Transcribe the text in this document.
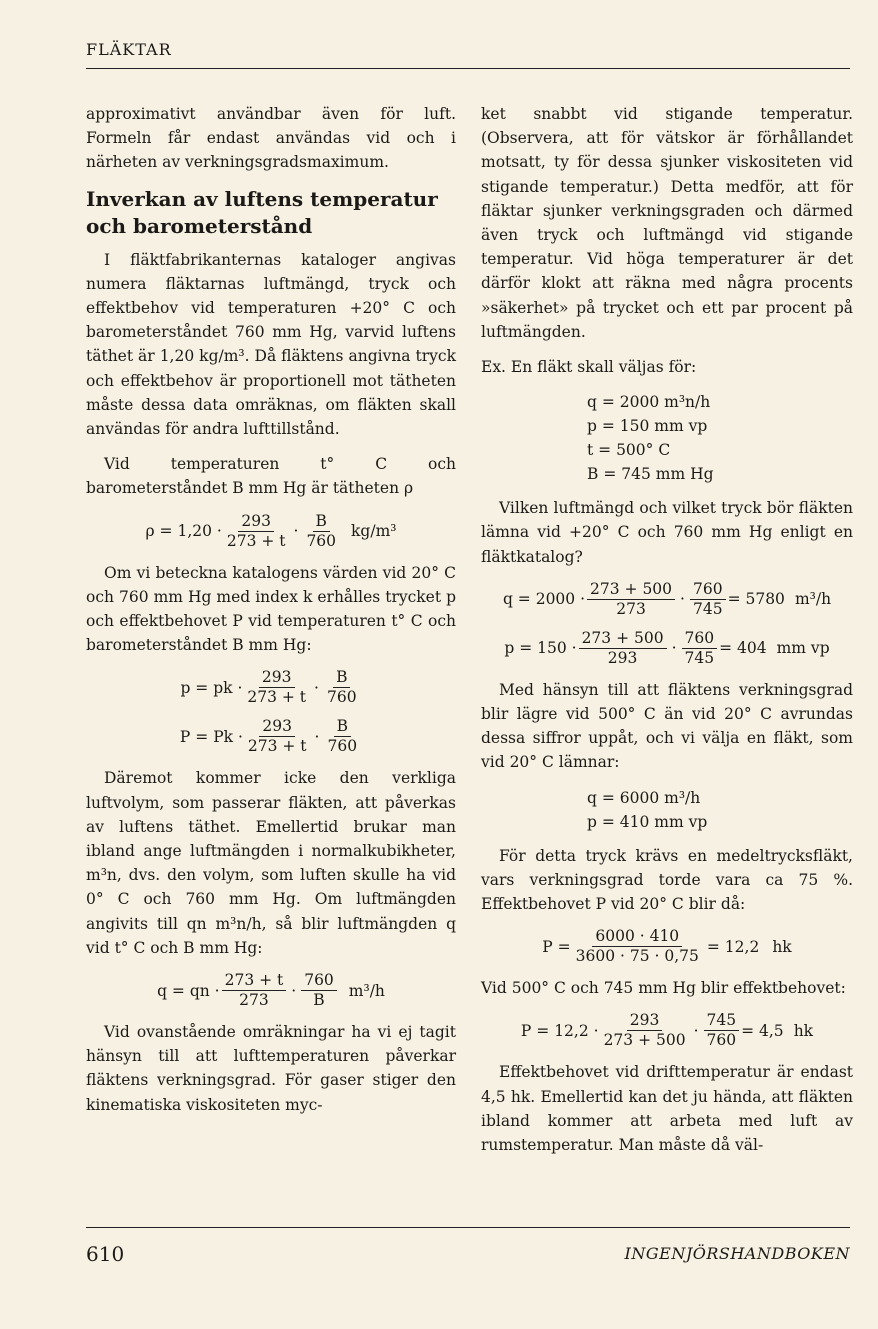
FLÄKTAR

approximativt användbar även för luft. Formeln får endast användas vid och i närheten av verkningsgradsmaximum.

Inverkan av luftens temperatur och barometerstånd

I fläktfabrikanternas kataloger angivas numera fläktarnas luftmängd, tryck och effektbehov vid temperaturen +20° C och barometerståndet 760 mm Hg, varvid luftens täthet är 1,20 kg/m³. Då fläktens angivna tryck och effektbehov är proportionell mot tätheten måste dessa data omräknas, om fläkten skall användas för andra lufttillstånd.

Vid temperaturen t° C och barometerståndet B mm Hg är tätheten ρ

$\rho = 1,20 \cdot \frac{293}{273 + t} \cdot \frac{B}{760} kg/m^3$

Om vi beteckna katalogens värden vid 20° C och 760 mm Hg med index k erhålles trycket p och effektbehovet P vid temperaturen t° C och barometerståndet B mm Hg:

p = pk · $\frac{293}{273 + t} \cdot \frac{B}{760}$
$P = Pk \cdot \frac{293}{273 + t} \cdot \frac{B}{760}$

Däremot kommer icke den verkliga luftvolym, som passerar fläkten, att påverkas av luftens täthet. Emellertid brukar man ibland ange luftmängden i normalkubikheter, m³n, dvs. den volym, som luften skulle ha vid 0° C och 760 mm Hg. Om luftmängden angivits till qn m³n/h, så blir luftmängden q vid t° C och B mm Hg:

q = qn · $\frac{273 + t}{273} \cdot \frac{760}{B} m^3/h$

Vid ovanstående omräkningar ha vi ej tagit hänsyn till att lufttemperaturen påverkar fläktens verkningsgrad. För gaser stiger den kinematiska viskositeten myc-

ket snabbt vid stigande temperatur. (Observera, att för vätskor är förhållandet motsatt, ty för dessa sjunker viskositeten vid stigande temperatur.) Detta medför, att för fläktar sjunker verkningsgraden och därmed även tryck och luftmängd vid stigande temperatur. Vid höga temperaturer är det därför klokt att räkna med några procents »säkerhet» på trycket och ett par procent på luftmängden.

Ex. En fläkt skall väljas för:

q = 2000 m³n/h
p = 150 mm vp
t = 500° C
B = 745 mm Hg

Vilken luftmängd och vilket tryck bör fläkten lämna vid +20° C och 760 mm Hg enligt en fläktkatalog?

$q = 2000 \cdot \frac{273 + 500}{273} \cdot \frac{760}{745} = 5780$ m³/h
$p = 150 \cdot \frac{273 + 500}{293} \cdot \frac{760}{745} = 404$ mm vp

Med hänsyn till att fläktens verkningsgrad blir lägre vid 500° C än vid 20° C avrundas dessa siffror uppåt, och vi välja en fläkt, som vid 20° C lämnar:

q = 6000 m³/h
p = 410 mm vp

För detta tryck krävs en medeltrycksfläkt, vars verkningsgrad torde vara ca 75 %. Effektbehovet P vid 20° C blir då:

$P = \frac{6000 \cdot 410}{3600 \cdot 75 \cdot 0,75} = 12,2$ hk

Vid 500° C och 745 mm Hg blir effektbehovet:

$P = 12,2 \cdot \frac{293}{273 + 500} \cdot \frac{745}{760} = 4,5$ hk

Effektbehovet vid drifttemperatur är endast 4,5 hk. Emellertid kan det ju hända, att fläkten ibland kommer att arbeta med luft av rumstemperatur. Man måste då väl-

610	INGENJÖRSHANDBOKEN
